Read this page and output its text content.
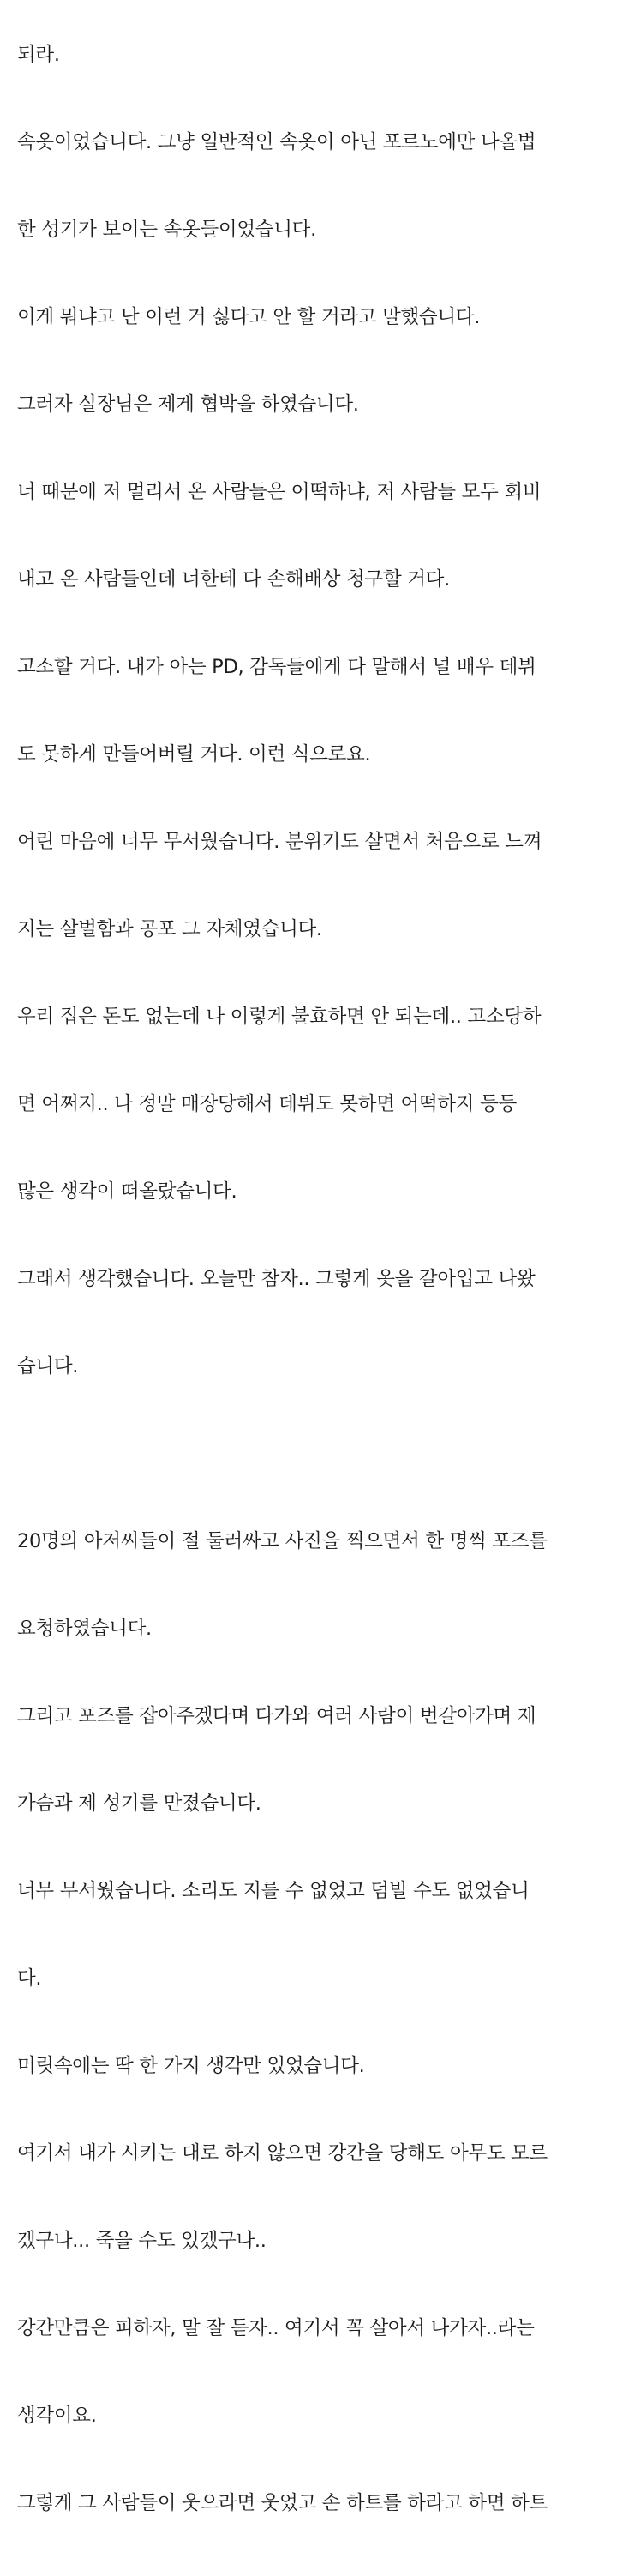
되라.

속옷이었습니다. 그냥 일반적인 속옷이 아닌 포르노에만 나올법

한 성기가 보이는 속옷들이었습니다.

이게 뭐냐고 난 이런 거 싫다고 안 할 거라고 말했습니다.

그러자 실장님은 제게 협박을 하였습니다.

너 때문에 저 멀리서 온 사람들은 어떡하냐, 저 사람들 모두 회비

내고 온 사람들인데 너한테 다 손해배상 청구할 거다.

고소할 거다. 내가 아는 PD, 감독들에게 다 말해서 널 배우 데뷔

도 못하게 만들어버릴 거다. 이런 식으로요.

어린 마음에 너무 무서웠습니다. 분위기도 살면서 처음으로 느껴

지는 살벌함과 공포 그 자체였습니다.

우리 집은 돈도 없는데 나 이렇게 불효하면 안 되는데.. 고소당하

면 어쩌지.. 나 정말 매장당해서 데뷔도 못하면 어떡하지 등등

많은 생각이 떠올랐습니다.

그래서 생각했습니다. 오늘만 참자.. 그렇게 옷을 갈아입고 나왔

습니다.

20명의 아저씨들이 절 둘러싸고 사진을 찍으면서 한 명씩 포즈를

요청하였습니다.

그리고 포즈를 잡아주겠다며 다가와 여러 사람이 번갈아가며 제

가슴과 제 성기를 만졌습니다.

너무 무서웠습니다. 소리도 지를 수 없었고 덤빌 수도 없었습니

다.

머릿속에는 딱 한 가지 생각만 있었습니다.

여기서 내가 시키는 대로 하지 않으면 강간을 당해도 아무도 모르

겠구나... 죽을 수도 있겠구나..

강간만큼은 피하자, 말 잘 듣자.. 여기서 꼭 살아서 나가자..라는

생각이요.

그렇게 그 사람들이 웃으라면 웃었고 손 하트를 하라고 하면 하트
